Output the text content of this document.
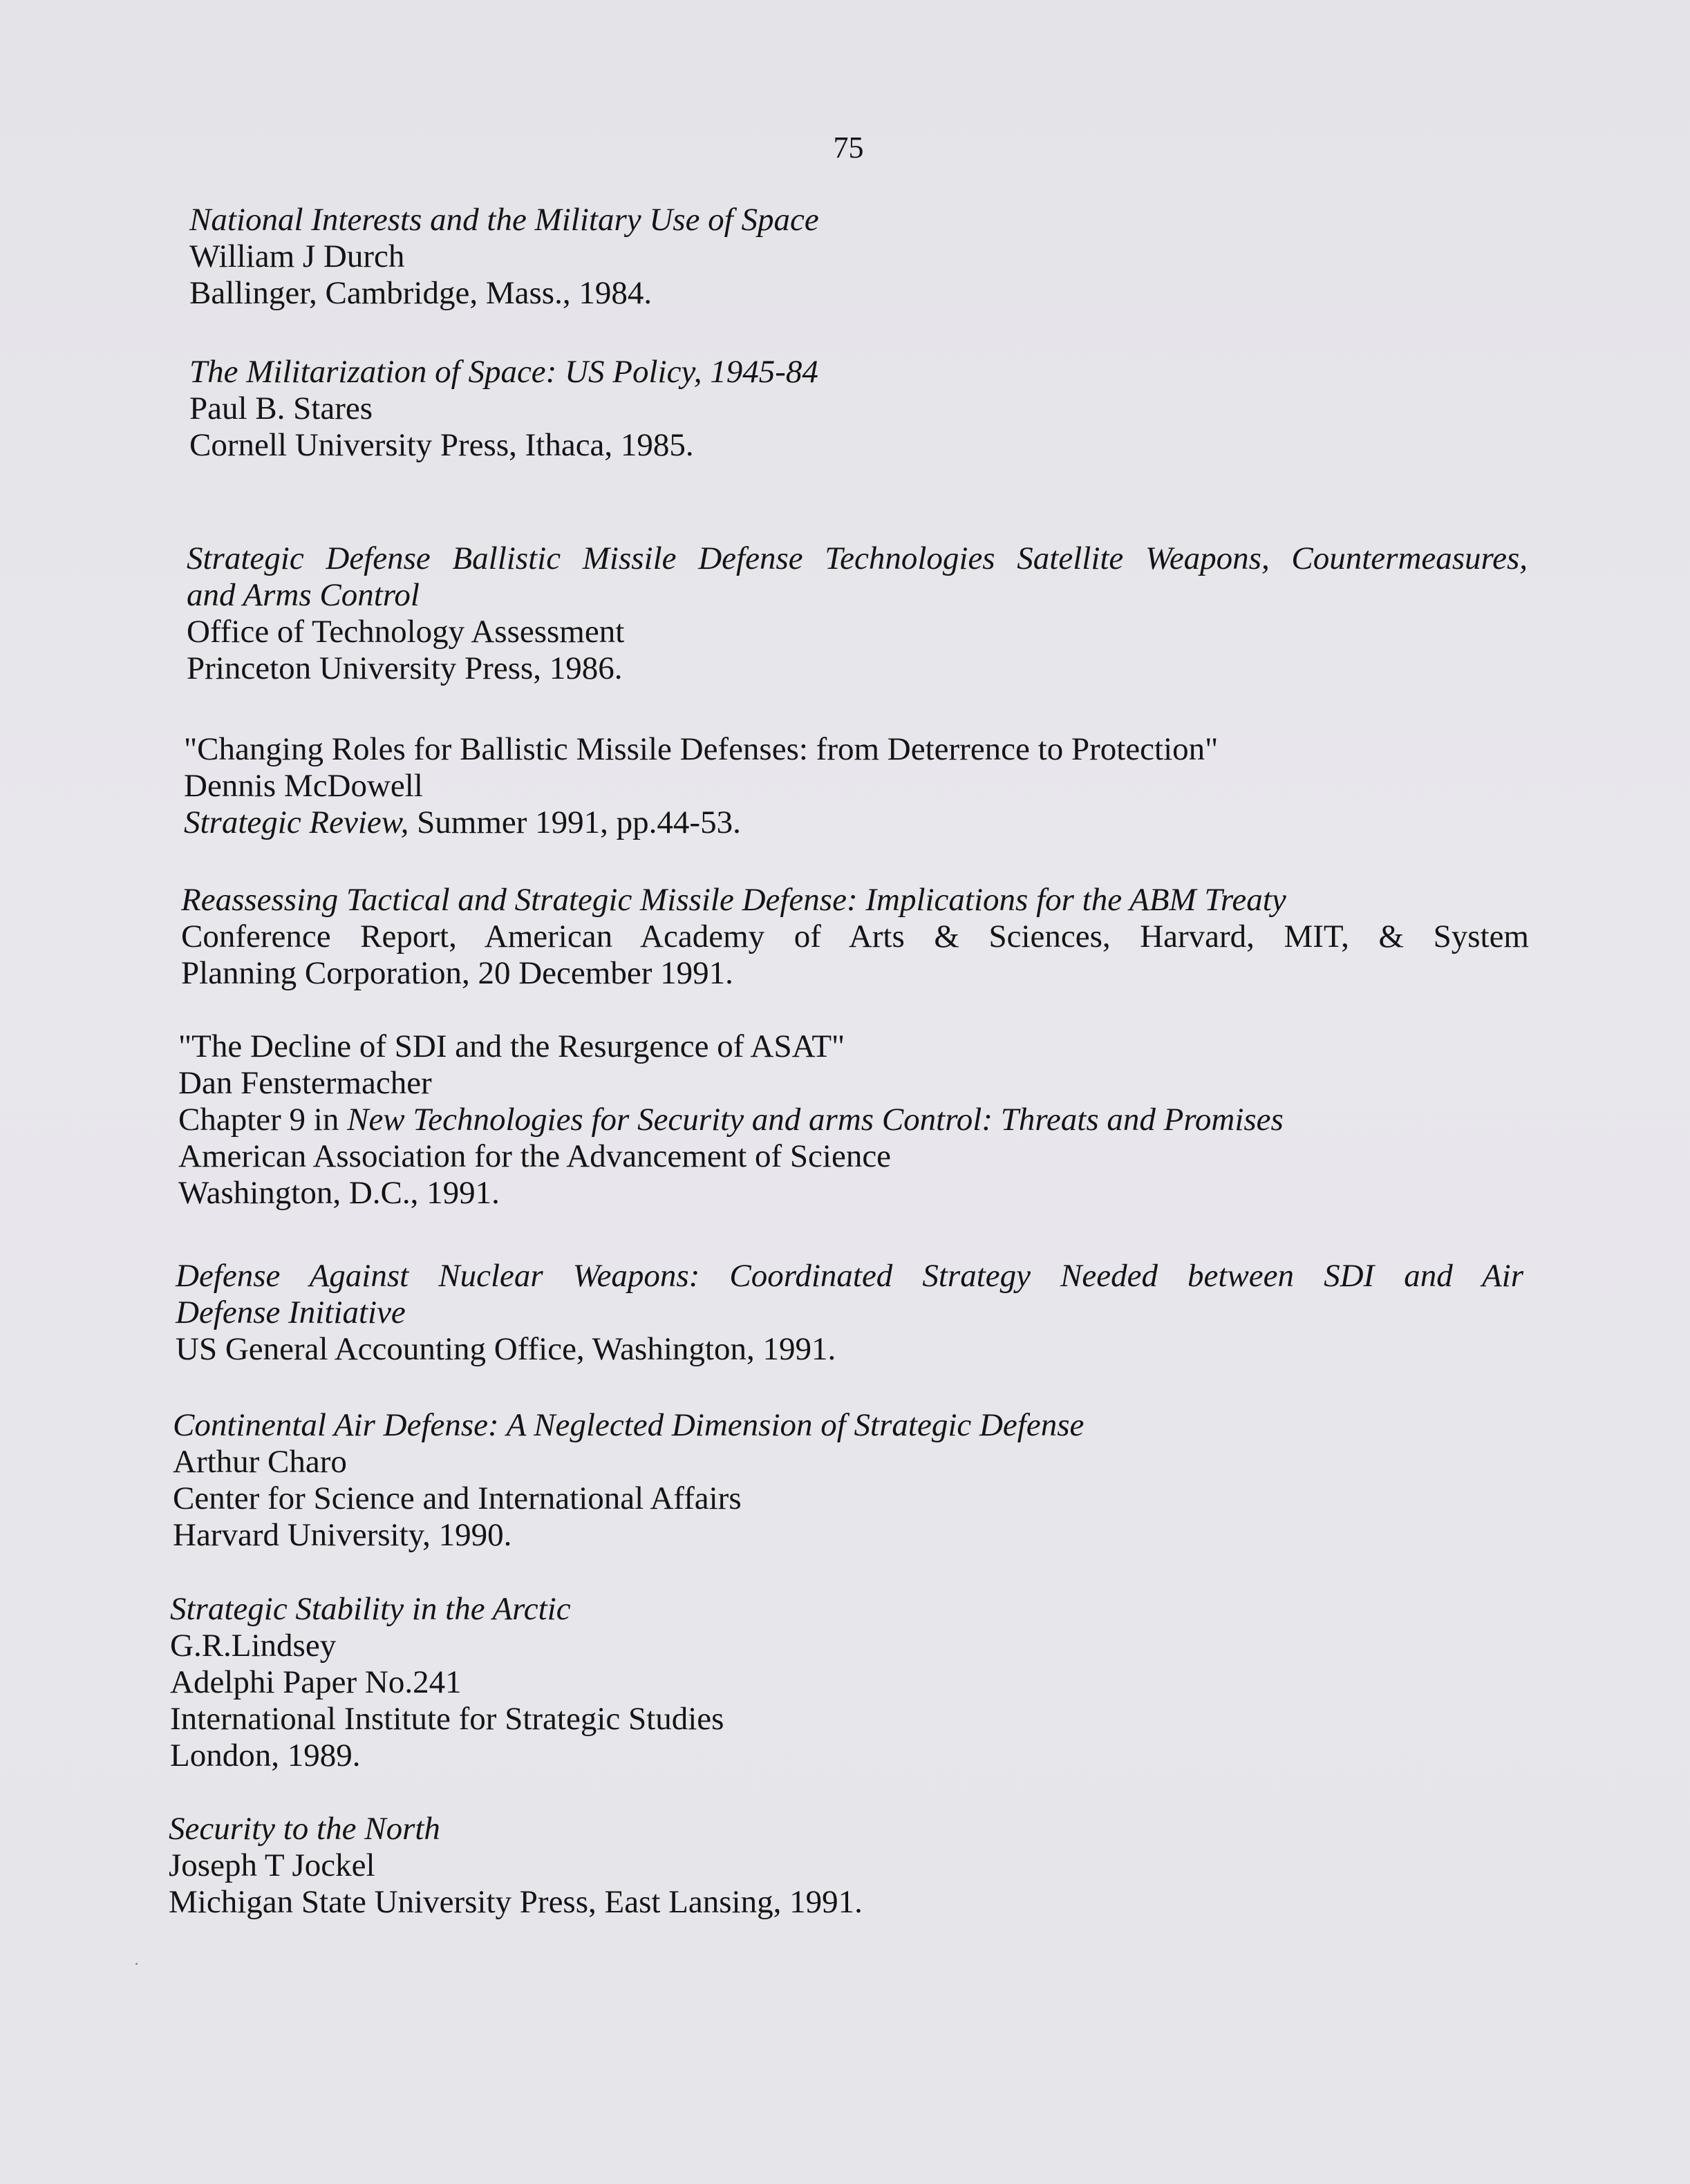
75
National Interests and the Military Use of Space
William J Durch
Ballinger, Cambridge, Mass., 1984.
The Militarization of Space: US Policy, 1945-84
Paul B. Stares
Cornell University Press, Ithaca, 1985.
Strategic Defense Ballistic Missile Defense Technologies Satellite Weapons, Countermeasures,
and Arms Control
Office of Technology Assessment
Princeton University Press, 1986.
"Changing Roles for Ballistic Missile Defenses: from Deterrence to Protection"
Dennis McDowell
Strategic Review, Summer 1991, pp.44-53.
Reassessing Tactical and Strategic Missile Defense: Implications for the ABM Treaty
Conference Report, American Academy of Arts & Sciences, Harvard, MIT, & System
Planning Corporation, 20 December 1991.
"The Decline of SDI and the Resurgence of ASAT"
Dan Fenstermacher
Chapter 9 in New Technologies for Security and arms Control: Threats and Promises
American Association for the Advancement of Science
Washington, D.C., 1991.
Defense Against Nuclear Weapons: Coordinated Strategy Needed between SDI and Air
Defense Initiative
US General Accounting Office, Washington, 1991.
Continental Air Defense: A Neglected Dimension of Strategic Defense
Arthur Charo
Center for Science and International Affairs
Harvard University, 1990.
Strategic Stability in the Arctic
G.R.Lindsey
Adelphi Paper No.241
International Institute for Strategic Studies
London, 1989.
Security to the North
Joseph T Jockel
Michigan State University Press, East Lansing, 1991.
